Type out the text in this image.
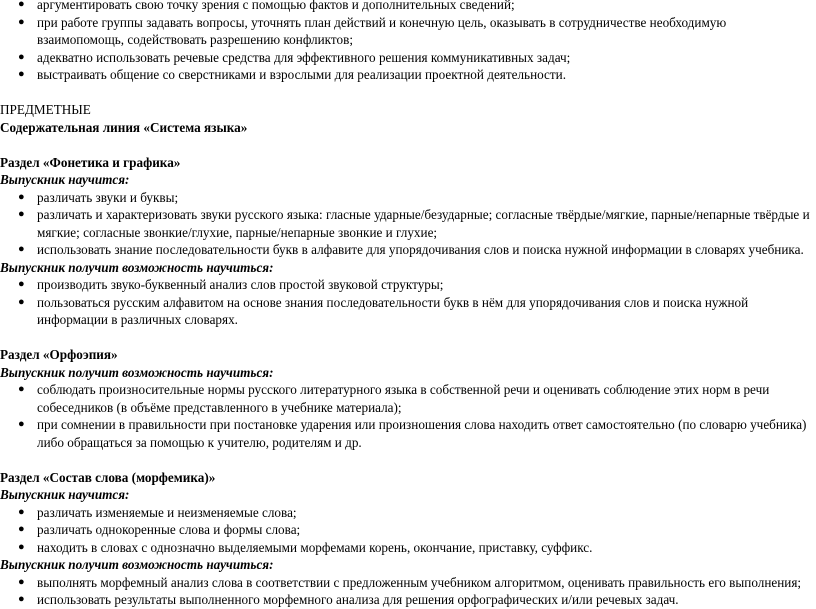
● аргументировать свою точку зрения с помощью фактов и дополнительных сведений;
● при работе группы задавать вопросы, уточнять план действий и конечную цель, оказывать в сотрудничестве необходимую взаимопомощь, содействовать разрешению конфликтов;
● адекватно использовать речевые средства для эффективного решения коммуникативных задач;
● выстраивать общение со сверстниками и взрослыми для реализации проектной деятельности.
ПРЕДМЕТНЫЕ
Содержательная линия «Система языка»
Раздел «Фонетика и графика»
Выпускник научится:
● различать звуки и буквы;
● различать и характеризовать звуки русского языка: гласные ударные/безударные; согласные твёрдые/мягкие, парные/непарные твёрдые и мягкие; согласные звонкие/глухие, парные/непарные звонкие и глухие;
● использовать знание последовательности букв в алфавите для упорядочивания слов и поиска нужной информации в словарях учебника.
Выпускник получит возможность научиться:
● производить звуко-буквенный анализ слов простой звуковой структуры;
● пользоваться русским алфавитом на основе знания последовательности букв в нём для упорядочивания слов и поиска нужной информации в различных словарях.
Раздел «Орфоэпия»
Выпускник получит возможность научиться:
● соблюдать произносительные нормы русского литературного языка в собственной речи и оценивать соблюдение этих норм в речи собеседников (в объёме представленного в учебнике материала);
● при сомнении в правильности при постановке ударения или произношения слова находить ответ самостоятельно (по словарю учебника) либо обращаться за помощью к учителю, родителям и др.
Раздел «Состав слова (морфемика)»
Выпускник научится:
● различать изменяемые и неизменяемые слова;
● различать однокоренные слова и формы слова;
● находить в словах с однозначно выделяемыми морфемами корень, окончание, приставку, суффикс.
Выпускник получит возможность научиться:
● выполнять морфемный анализ слова в соответствии с предложенным учебником алгоритмом, оценивать правильность его выполнения;
● использовать результаты выполненного морфемного анализа для решения орфографических и/или речевых задач.
